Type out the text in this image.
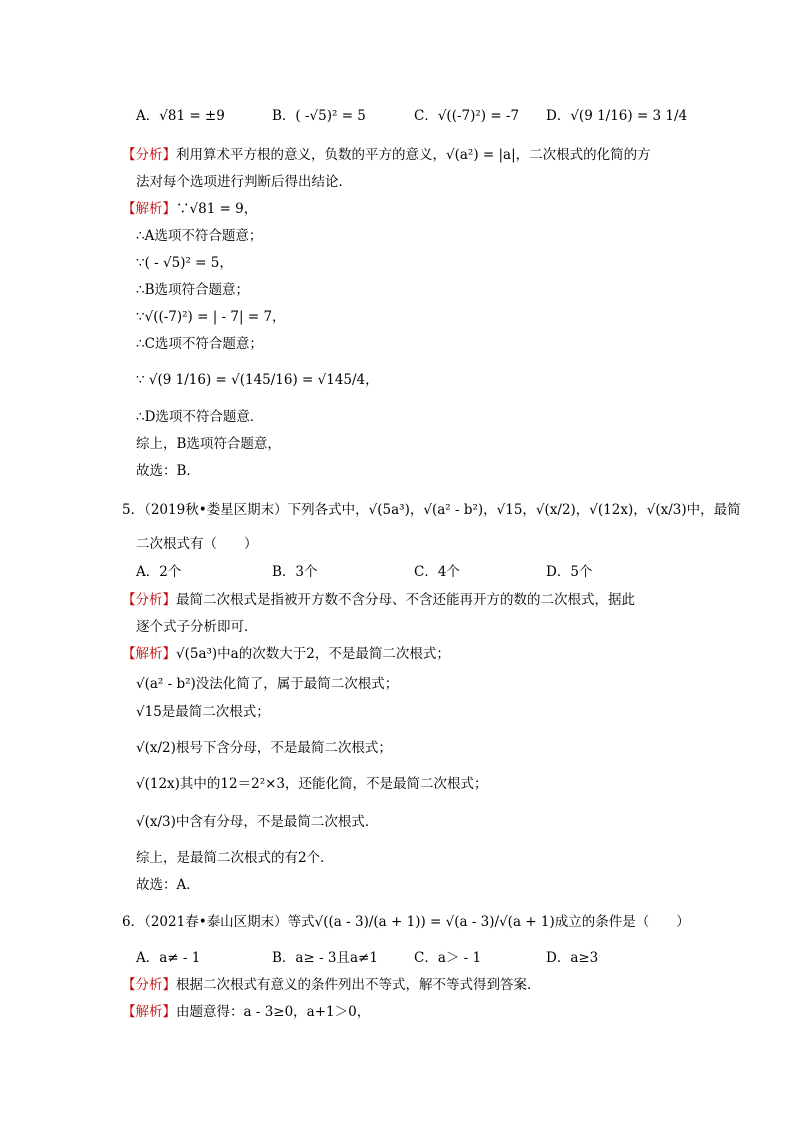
A．√81 = ±9	B．( -√5)² = 5	C．√((-7)²) = -7 D．√(9 1/16) = 3 1/4
【分析】利用算术平方根的意义，负数的平方的意义，√(a²) = |a|，二次根式的化简的方
法对每个选项进行判断后得出结论．
【解析】∵√81 = 9，
∴A选项不符合题意；
∵( - √5)² = 5，
∴B选项符合题意；
∵√((-7)²) = | - 7| = 7，
∴C选项不符合题意；
∵ √(9 1/16) = √(145/16) = √145/4，
∴D选项不符合题意．
综上，B选项符合题意，
故选：B．
5．（2019秋•娄星区期末）下列各式中，√(5a³)，√(a² - b²)，√15，√(x/2)，√(12x)，√(x/3)中，最简
二次根式有（　　）
A．2个	B．3个	C．4个	D．5个
【分析】最简二次根式是指被开方数不含分母、不含还能再开方的数的二次根式，据此
逐个式子分析即可．
【解析】√(5a³)中a的次数大于2，不是最简二次根式；
√(a² - b²)没法化简了，属于最简二次根式；
√15是最简二次根式；
√(x/2)根号下含分母，不是最简二次根式；
√(12x)其中的12＝2²×3，还能化简，不是最简二次根式；
√(x/3)中含有分母，不是最简二次根式．
综上，是最简二次根式的有2个．
故选：A．
6．（2021春•泰山区期末）等式√((a - 3)/(a + 1)) = √(a - 3)/√(a + 1)成立的条件是（　　）
A．a≠ - 1	B．a≥ - 3且a≠1	C．a＞ - 1	D．a≥3
【分析】根据二次根式有意义的条件列出不等式，解不等式得到答案．
【解析】由题意得：a - 3≥0，a+1＞0，
